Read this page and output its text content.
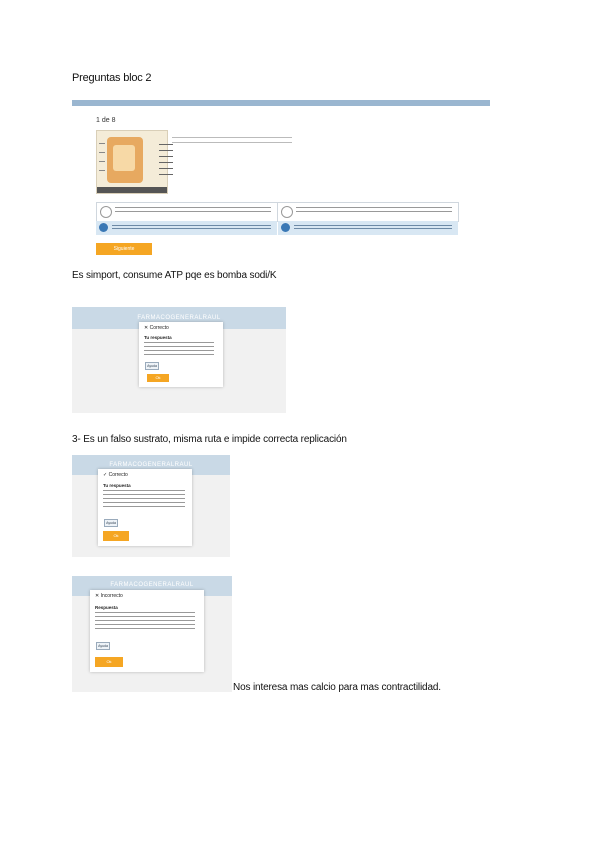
Preguntas bloc 2
1 de 8
Siguiente
Es simport, consume ATP pqe es bomba sodi/K
FARMACOGENERALRAUL
✕ Correcto
Tu respuesta
Ayuda
Ok
3- Es un falso sustrato, misma ruta e impide correcta replicación
FARMACOGENERALRAUL
✓ Correcto
Tu respuesta
Ayuda
Ok
FARMACOGENERALRAUL
✕ Incorrecto
Respuesta
Ayuda
Ok
Nos interesa mas calcio para mas contractilidad.
